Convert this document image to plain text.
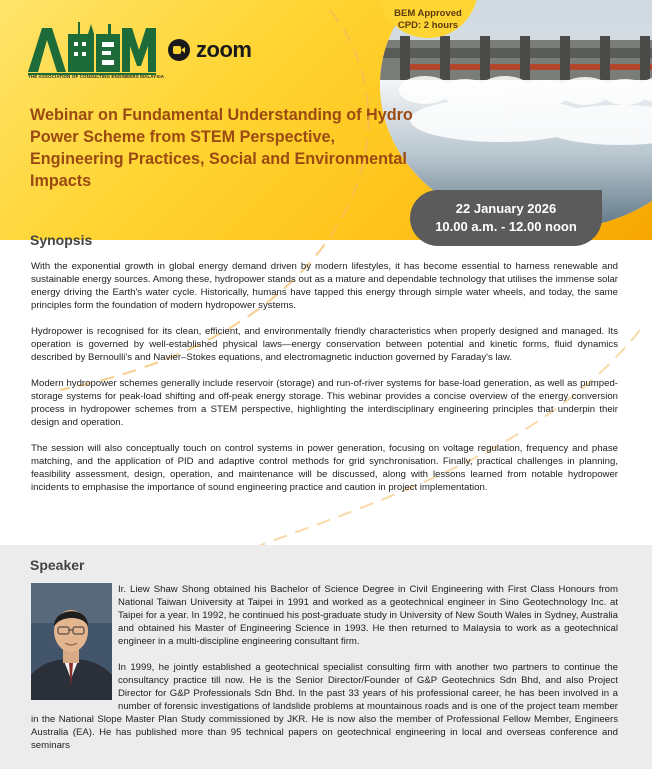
THE ASSOCIATION OF CONSULTING ENGINEERS MALAYSIA
zoom
BEM Approved
CPD: 2 hours
Webinar on Fundamental Understanding of Hydro Power Scheme from STEM Perspective, Engineering Practices, Social and Environmental Impacts
22 January 2026
10.00 a.m. - 12.00 noon
Synopsis

With the exponential growth in global energy demand driven by modern lifestyles, it has become essential to harness renewable and sustainable energy sources. Among these, hydropower stands out as a mature and dependable technology that utilises the immense solar energy driving the Earth's water cycle. Historically, humans have tapped this energy through simple water wheels, and today, the same principles form the foundation of modern hydropower systems.

Hydropower is recognised for its clean, efficient, and environmentally friendly characteristics when properly designed and managed. Its operation is governed by well-established physical laws—energy conservation between potential and kinetic forms, fluid dynamics described by Bernoulli's and Navier–Stokes equations, and electromagnetic induction governed by Faraday's law.

Modern hydropower schemes generally include reservoir (storage) and run-of-river systems for base-load generation, as well as pumped-storage systems for peak-load shifting and off-peak energy storage. This webinar provides a concise overview of the energy conversion process in hydropower schemes from a STEM perspective, highlighting the interdisciplinary engineering principles that underpin their design and operation.

The session will also conceptually touch on control systems in power generation, focusing on voltage regulation, frequency and phase matching, and the application of PID and adaptive control methods for grid synchronisation. Finally, practical challenges in planning, feasibility assessment, design, operation, and maintenance will be discussed, along with lessons learned from notable hydropower incidents to emphasise the importance of sound engineering practice and caution in project implementation.

Speaker

Ir. Liew Shaw Shong obtained his Bachelor of Science Degree in Civil Engineering with First Class Honours from National Taiwan University at Taipei in 1991 and worked as a geotechnical engineer in Sino Geotechnology Inc. at Taipei for a year. In 1992, he continued his post-graduate study in University of New South Wales in Sydney, Australia and obtained his Master of Engineering Science in 1993. He then returned to Malaysia to work as a geotechnical engineer in a multi-discipline engineering consultant firm.

In 1999, he jointly established a geotechnical specialist consulting firm with another two partners to continue the consultancy practice till now. He is the Senior Director/Founder of G&P Geotechnics Sdn Bhd, and also Project Director for G&P Professionals Sdn Bhd. In the past 33 years of his professional career, he has been involved in a number of forensic investigations of landslide problems at mountainous roads and is one of the project team member in the National Slope Master Plan Study commissioned by JKR. He is now also the member of Professional Fellow Member, Engineers Australia (EA). He has published more than 95 technical papers on geotechnical engineering in local and overseas conference and seminars
